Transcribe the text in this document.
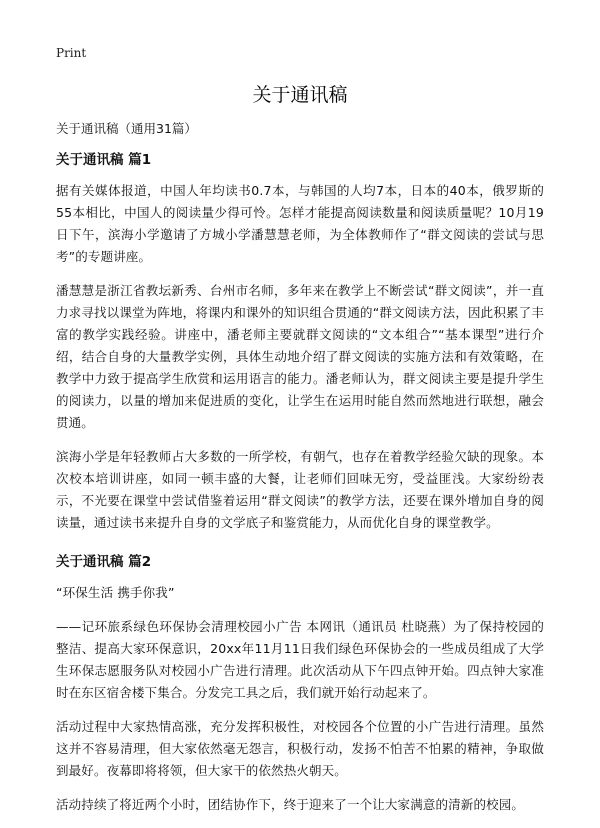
Print
关于通讯稿
关于通讯稿（通用31篇）
关于通讯稿 篇1

据有关媒体报道，中国人年均读书0.7本，与韩国的人均7本，日本的40本，俄罗斯的55本相比，中国人的阅读量少得可怜。怎样才能提高阅读数量和阅读质量呢？10月19日下午，滨海小学邀请了方城小学潘慧慧老师，为全体教师作了“群文阅读的尝试与思考”的专题讲座。

潘慧慧是浙江省教坛新秀、台州市名师，多年来在教学上不断尝试“群文阅读”，并一直力求寻找以课堂为阵地，将课内和课外的知识组合贯通的“群文阅读方法，因此积累了丰富的教学实践经验。讲座中，潘老师主要就群文阅读的“文本组合”“基本课型”进行介绍，结合自身的大量教学实例，具体生动地介绍了群文阅读的实施方法和有效策略，在教学中力致于提高学生欣赏和运用语言的能力。潘老师认为，群文阅读主要是提升学生的阅读力，以量的增加来促进质的变化，让学生在运用时能自然而然地进行联想，融会贯通。

滨海小学是年轻教师占大多数的一所学校，有朝气，也存在着教学经验欠缺的现象。本次校本培训讲座，如同一顿丰盛的大餐，让老师们回味无穷，受益匪浅。大家纷纷表示，不光要在课堂中尝试借鉴着运用“群文阅读”的教学方法，还要在课外增加自身的阅读量，通过读书来提升自身的文学底子和鉴赏能力，从而优化自身的课堂教学。

关于通讯稿 篇2

“环保生活 携手你我”

——记环旅系绿色环保协会清理校园小广告 本网讯（通讯员 杜晓燕）为了保持校园的整洁、提高大家环保意识，20xx年11月11日我们绿色环保协会的一些成员组成了大学生环保志愿服务队对校园小广告进行清理。此次活动从下午四点钟开始。四点钟大家准时在东区宿舍楼下集合。分发完工具之后，我们就开始行动起来了。

活动过程中大家热情高涨，充分发挥积极性，对校园各个位置的小广告进行清理。虽然这并不容易清理，但大家依然毫无怨言，积极行动，发扬不怕苦不怕累的精神，争取做到最好。夜幕即将将领，但大家干的依然热火朝天。

活动持续了将近两个小时，团结协作下，终于迎来了一个让大家满意的清新的校园。
